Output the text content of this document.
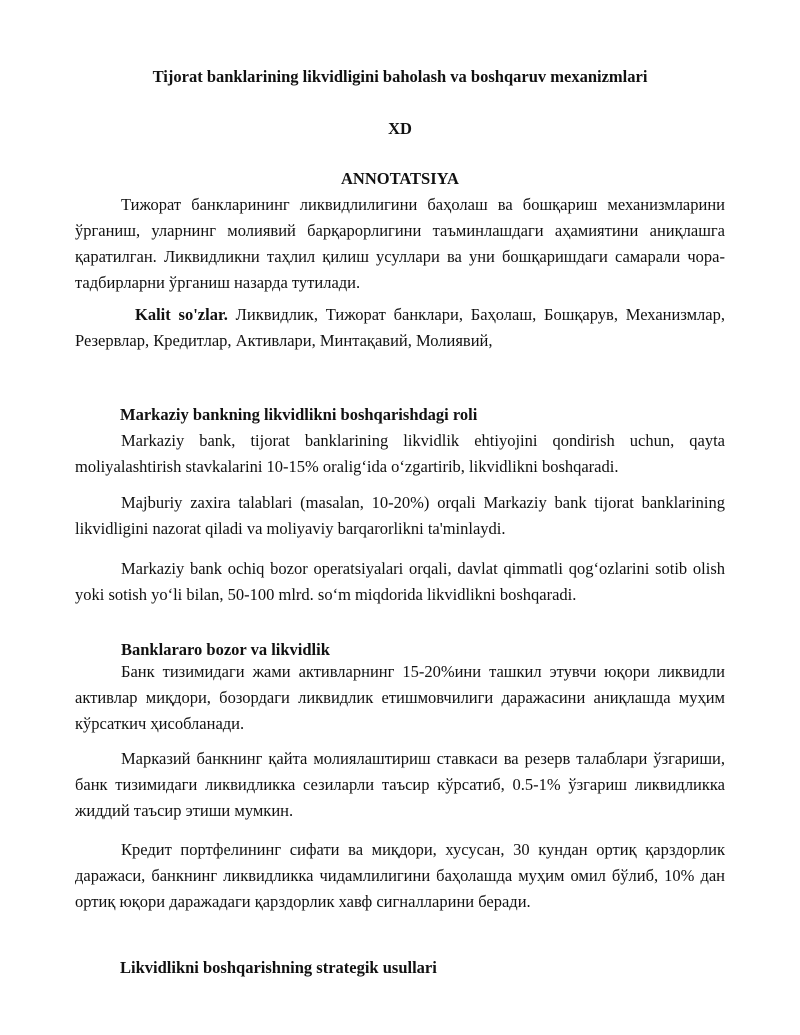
Tijorat banklarining likvidligini baholash va boshqaruv mexanizmlari
XD
ANNOTATSIYA

Тижорат банкларининг ликвидлилигини баҳолаш ва бошқариш механизмларини ўрганиш, уларнинг молиявий барқарорлигини таъминлашдаги аҳамиятини аниқлашга қаратилган. Ликвидликни таҳлил қилиш усуллари ва уни бошқаришдаги самарали чора-тадбирларни ўрганиш назарда тутилади.

Kalit so'zlar. Ликвидлик, Тижорат банклари, Баҳолаш, Бошқарув, Механизмлар, Резервлар, Кредитлар, Активлари, Минтақавий, Молиявий,

Markaziy bankning likvidlikni boshqarishdagi roli

Markaziy bank, tijorat banklarining likvidlik ehtiyojini qondirish uchun, qayta moliyalashtirish stavkalarini 10-15% oralig‘ida o‘zgartirib, likvidlikni boshqaradi.

Majburiy zaxira talablari (masalan, 10-20%) orqali Markaziy bank tijorat banklarining likvidligini nazorat qiladi va moliyaviy barqarorlikni ta'minlaydi.

Markaziy bank ochiq bozor operatsiyalari orqali, davlat qimmatli qog‘ozlarini sotib olish yoki sotish yo‘li bilan, 50-100 mlrd. so‘m miqdorida likvidlikni boshqaradi.

Banklararo bozor va likvidlik

Банк тизимидаги жами активларнинг 15-20%ини ташкил этувчи юқори ликвидли активлар миқдори, бозордаги ликвидлик етишмовчилиги даражасини аниқлашда муҳим кўрсаткич ҳисобланади.

Марказий банкнинг қайта молиялаштириш ставкаси ва резерв талаблари ўзгариши, банк тизимидаги ликвидликка сезиларли таъсир кўрсатиб, 0.5-1% ўзгариш ликвидликка жиддий таъсир этиши мумкин.

Кредит портфелининг сифати ва миқдори, хусусан, 30 кундан ортиқ қарздорлик даражаси, банкнинг ликвидликка чидамлилигини баҳолашда муҳим омил бўлиб, 10% дан ортиқ юқори даражадаги қарздорлик хавф сигналларини беради.

Likvidlikni boshqarishning strategik usullari
